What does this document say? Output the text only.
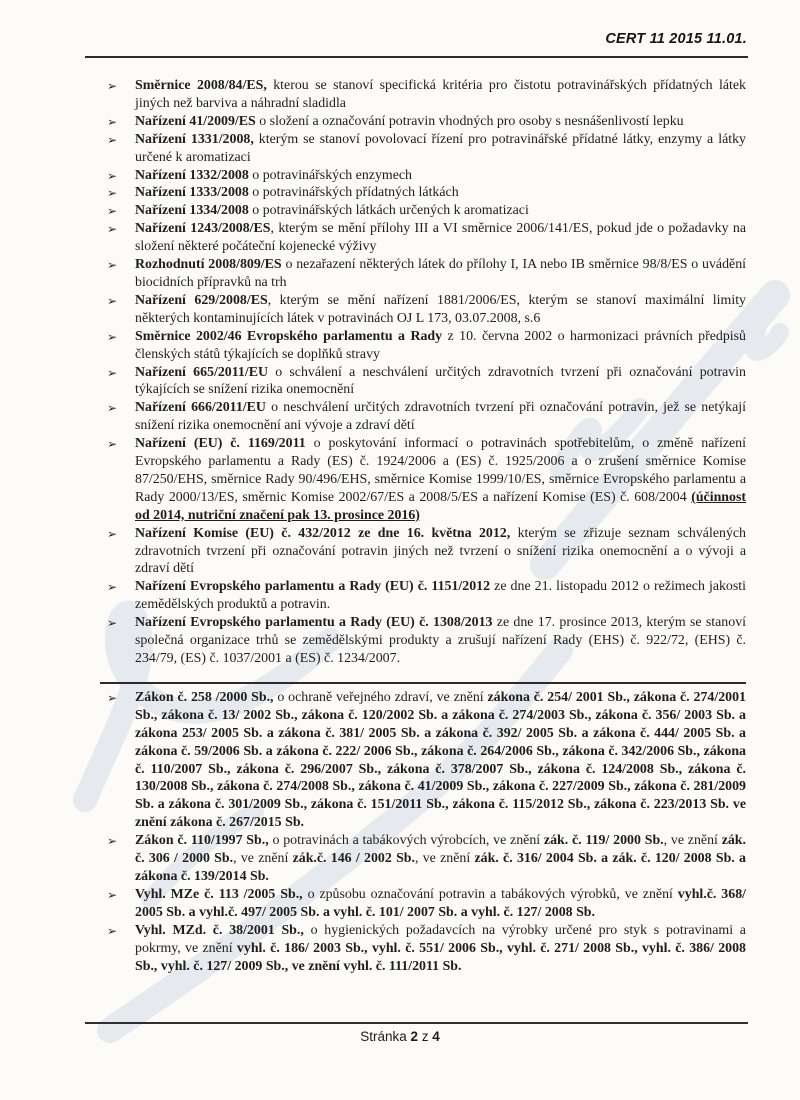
CERT 11 2015 11.01.
➢ Směrnice 2008/84/ES, kterou se stanoví specifická kritéria pro čistotu potravinářských přídatných látek jiných než barviva a náhradní sladidla
➢ Nařízení 41/2009/ES o složení a označování potravin vhodných pro osoby s nesnášenlivostí lepku
➢ Nařízení 1331/2008, kterým se stanoví povolovací řízení pro potravinářské přídatné látky, enzymy a látky určené k aromatizaci
➢ Nařízení 1332/2008 o potravinářských enzymech
➢ Nařízení 1333/2008 o potravinářských přídatných látkách
➢ Nařízení 1334/2008 o potravinářských látkách určených k aromatizaci
➢ Nařízení 1243/2008/ES, kterým se mění přílohy III a VI směrnice 2006/141/ES, pokud jde o požadavky na složení některé počáteční kojenecké výživy
➢ Rozhodnutí 2008/809/ES o nezařazení některých látek do přílohy I, IA nebo IB směrnice 98/8/ES o uvádění biocidních přípravků na trh
➢ Nařízení 629/2008/ES, kterým se mění nařízení 1881/2006/ES, kterým se stanoví maximální limity některých kontaminujících látek v potravinách OJ L 173, 03.07.2008, s.6
➢ Směrnice 2002/46 Evropského parlamentu a Rady z 10. června 2002 o harmonizaci právních předpisů členských států týkajících se doplňků stravy
➢ Nařízení 665/2011/EU o schválení a neschválení určitých zdravotních tvrzení při označování potravin týkajících se snížení rizika onemocnění
➢ Nařízení 666/2011/EU o neschválení určitých zdravotních tvrzení při označování potravin, jež se netýkají snížení rizika onemocnění ani vývoje a zdraví dětí
➢ Nařízení (EU) č. 1169/2011 o poskytování informací o potravinách spotřebitelům, o změně nařízení Evropského parlamentu a Rady (ES) č. 1924/2006 a (ES) č. 1925/2006 a o zrušení směrnice Komise 87/250/EHS, směrnice Rady 90/496/EHS, směrnice Komise 1999/10/ES, směrnice Evropského parlamentu a Rady 2000/13/ES, směrnic Komise 2002/67/ES a 2008/5/ES a nařízení Komise (ES) č. 608/2004 (účinnost od 2014, nutriční značení pak 13. prosince 2016)
➢ Nařízení Komise (EU) č. 432/2012 ze dne 16. května 2012, kterým se zřizuje seznam schválených zdravotních tvrzení při označování potravin jiných než tvrzení o snížení rizika onemocnění a o vývoji a zdraví dětí
➢ Nařízení Evropského parlamentu a Rady (EU) č. 1151/2012 ze dne 21. listopadu 2012 o režimech jakosti zemědělských produktů a potravin.
➢ Nařízení Evropského parlamentu a Rady (EU) č. 1308/2013 ze dne 17. prosince 2013, kterým se stanoví společná organizace trhů se zemědělskými produkty a zrušují nařízení Rady (EHS) č. 922/72, (EHS) č. 234/79, (ES) č. 1037/2001 a (ES) č. 1234/2007.
➢ Zákon č. 258 /2000 Sb., o ochraně veřejného zdraví, ve znění zákona č. 254/ 2001 Sb., zákona č. 274/2001 Sb., zákona č. 13/ 2002 Sb., zákona č. 120/2002 Sb. a zákona č. 274/2003 Sb., zákona č. 356/ 2003 Sb. a zákona 253/ 2005 Sb. a zákona č. 381/ 2005 Sb. a zákona č. 392/ 2005 Sb. a zákona č. 444/ 2005 Sb. a zákona č. 59/2006 Sb. a zákona č. 222/ 2006 Sb., zákona č. 264/2006 Sb., zákona č. 342/2006 Sb., zákona č. 110/2007 Sb., zákona č. 296/2007 Sb., zákona č. 378/2007 Sb., zákona č. 124/2008 Sb., zákona č. 130/2008 Sb., zákona č. 274/2008 Sb., zákona č. 41/2009 Sb., zákona č. 227/2009 Sb., zákona č. 281/2009 Sb. a zákona č. 301/2009 Sb., zákona č. 151/2011 Sb., zákona č. 115/2012 Sb., zákona č. 223/2013 Sb. ve znění zákona č. 267/2015 Sb.
➢ Zákon č. 110/1997 Sb., o potravinách a tabákových výrobcích, ve znění zák. č. 119/ 2000 Sb., ve znění zák. č. 306 / 2000 Sb., ve znění zák.č. 146 / 2002 Sb., ve znění zák. č. 316/ 2004 Sb. a zák. č. 120/ 2008 Sb. a zákona č. 139/2014 Sb.
➢ Vyhl. MZe č. 113 /2005 Sb., o způsobu označování potravin a tabákových výrobků, ve znění vyhl.č. 368/ 2005 Sb. a vyhl.č. 497/ 2005 Sb. a vyhl. č. 101/ 2007 Sb. a vyhl. č. 127/ 2008 Sb.
➢ Vyhl. MZd. č. 38/2001 Sb., o hygienických požadavcích na výrobky určené pro styk s potravinami a pokrmy, ve znění vyhl. č. 186/ 2003 Sb., vyhl. č. 551/ 2006 Sb., vyhl. č. 271/ 2008 Sb., vyhl. č. 386/ 2008 Sb., vyhl. č. 127/ 2009 Sb., ve znění vyhl. č. 111/2011 Sb.
Stránka 2 z 4
